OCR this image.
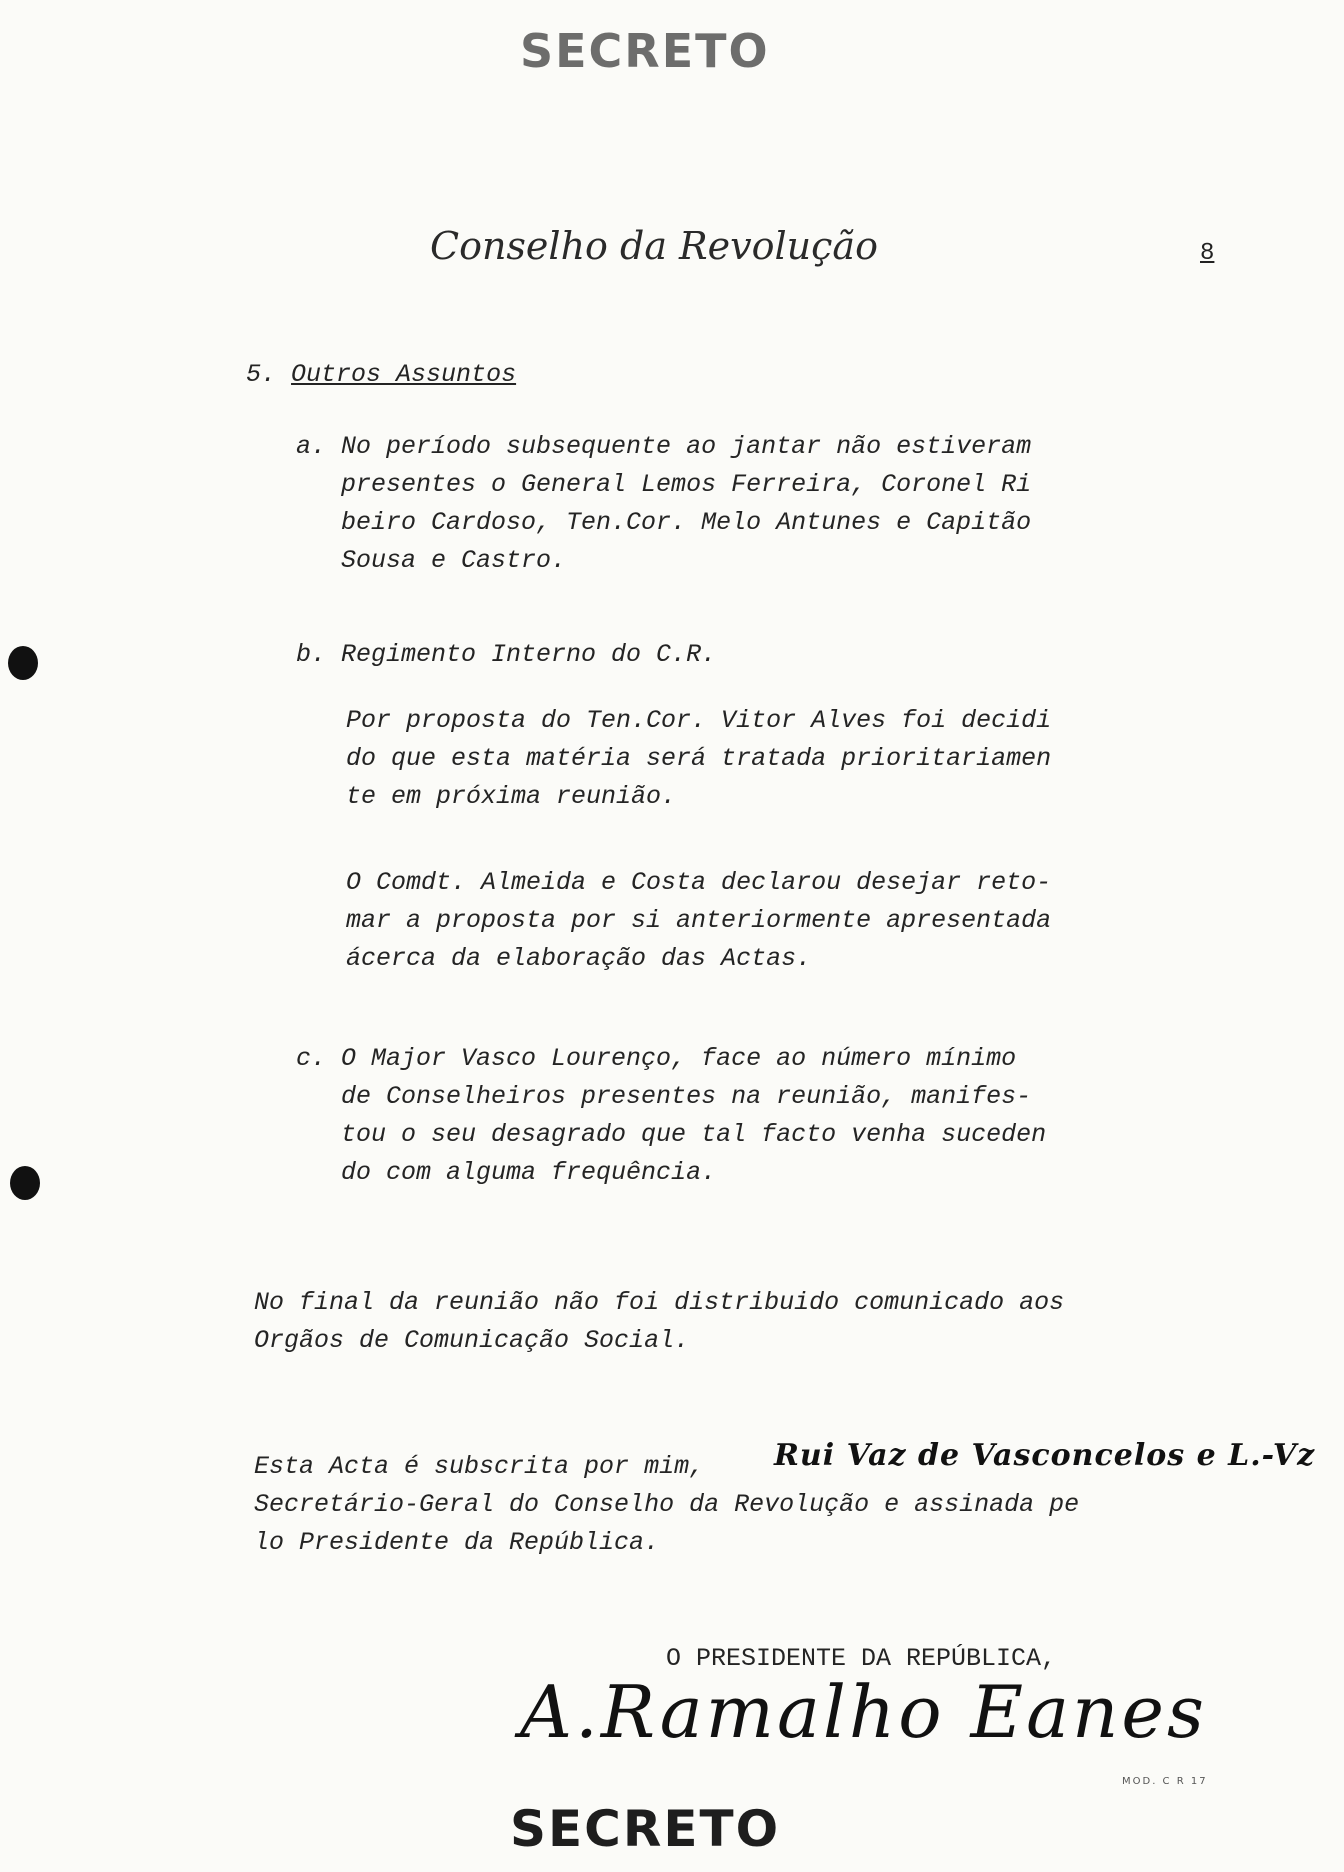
SECRETO
Conselho da Revolução	8
5. Outros Assuntos
a. No período subsequente ao jantar não estiveram
presentes o General Lemos Ferreira, Coronel Ri
beiro Cardoso, Ten.Cor. Melo Antunes e Capitão
Sousa e Castro.
b. Regimento Interno do C.R.
Por proposta do Ten.Cor. Vitor Alves foi decidi
do que esta matéria será tratada prioritariamen
te em próxima reunião.
O Comdt. Almeida e Costa declarou desejar reto-
mar a proposta por si anteriormente apresentada
ácerca da elaboração das Actas.
c. O Major Vasco Lourenço, face ao número mínimo
de Conselheiros presentes na reunião, manifes-
tou o seu desagrado que tal facto venha suceden
do com alguma frequência.
No final da reunião não foi distribuido comunicado aos
Orgãos de Comunicação Social.
Esta Acta é subscrita por mim,
Secretário-Geral do Conselho da Revolução e assinada pe
lo Presidente da República.
Rui Vaz de Vasconcelos e L.-Vz
O PRESIDENTE DA REPÚBLICA,
A.Ramalho Eanes
MOD. C R 17
SECRETO
